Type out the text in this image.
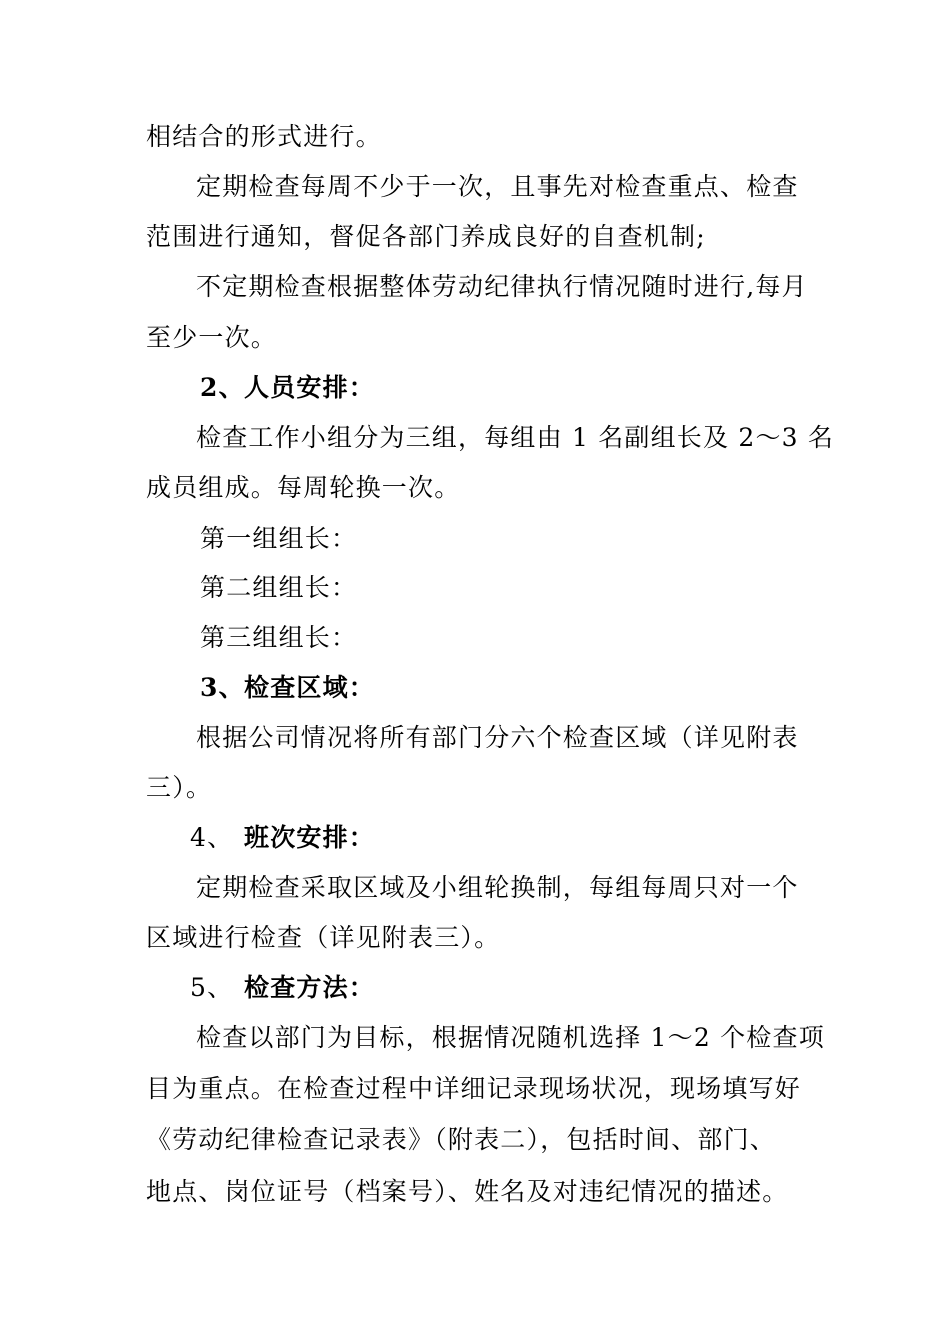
相结合的形式进行。
定期检查每周不少于一次，且事先对检查重点、检查
范围进行通知，督促各部门养成良好的自查机制;
不定期检查根据整体劳动纪律执行情况随时进行,每月
至少一次。
2、人员安排：
检查工作小组分为三组，每组由 1 名副组长及 2～3 名
成员组成。每周轮换一次。
第一组组长：
第二组组长：
第三组组长：
3、检查区域：
根据公司情况将所有部门分六个检查区域（详见附表
三）。
4、 班次安排：
定期检查采取区域及小组轮换制，每组每周只对一个
区域进行检查（详见附表三）。
5、 检查方法：
检查以部门为目标，根据情况随机选择 1～2 个检查项
目为重点。在检查过程中详细记录现场状况，现场填写好
《劳动纪律检查记录表》（附表二），包括时间、部门、
地点、岗位证号（档案号）、姓名及对违纪情况的描述。
